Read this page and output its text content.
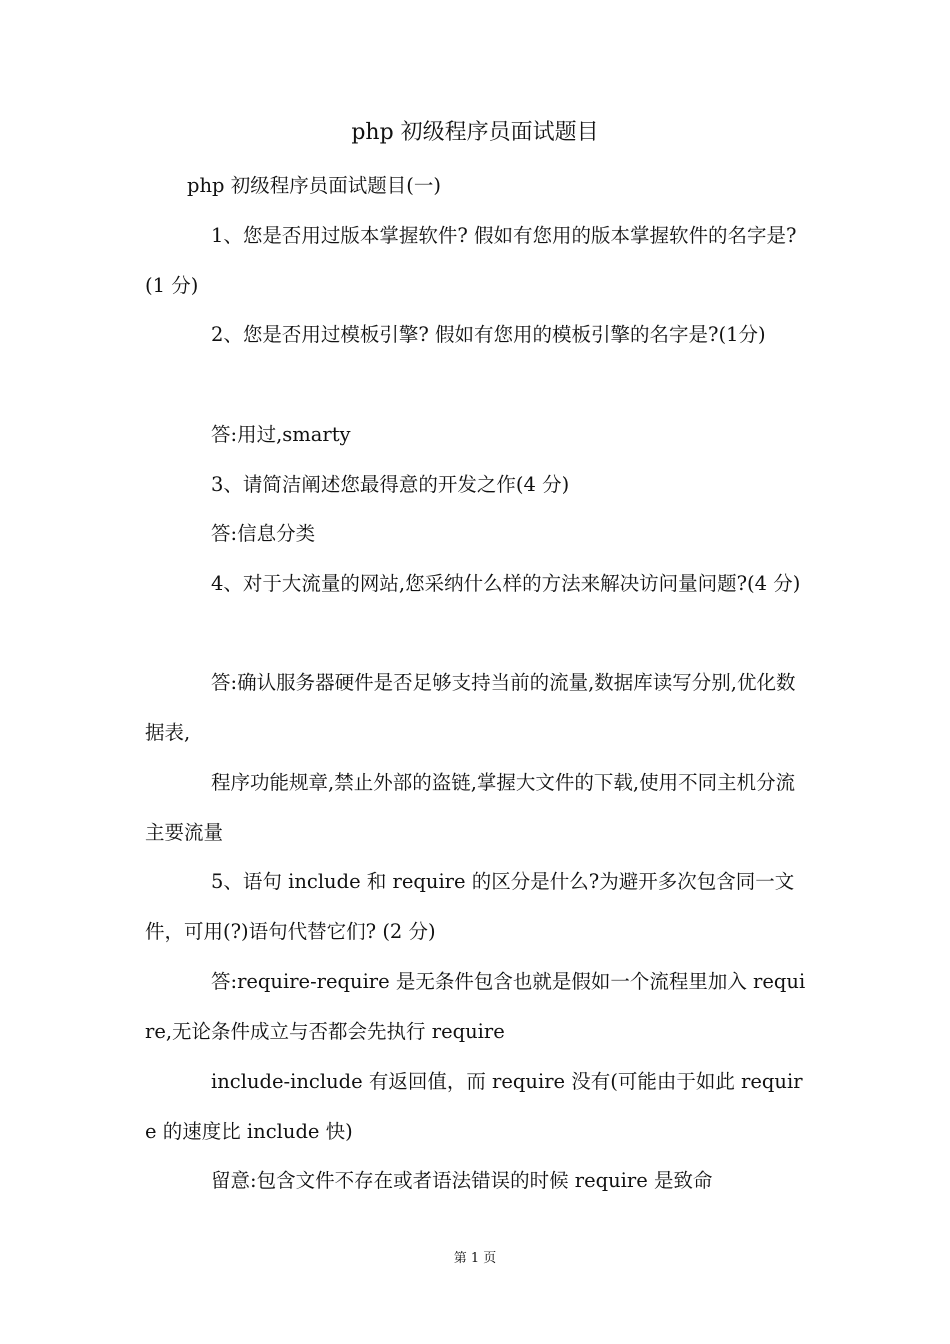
php 初级程序员面试题目

php 初级程序员面试题目(一)

1、您是否用过版本掌握软件? 假如有您用的版本掌握软件的名字是?(1 分)

2、您是否用过模板引擎? 假如有您用的模板引擎的名字是?(1分)

答:用过,smarty

3、请简洁阐述您最得意的开发之作(4 分)

答:信息分类

4、对于大流量的网站,您采纳什么样的方法来解决访问量问题?(4 分)

答:确认服务器硬件是否足够支持当前的流量,数据库读写分别,优化数据表,

程序功能规章,禁止外部的盗链,掌握大文件的下载,使用不同主机分流主要流量

5、语句 include 和 require 的区分是什么?为避开多次包含同一文件，可用(?)语句代替它们? (2 分)

答:require-require 是无条件包含也就是假如一个流程里加入 require,无论条件成立与否都会先执行 require

include-include 有返回值，而 require 没有(可能由于如此 require 的速度比 include 快)

留意:包含文件不存在或者语法错误的时候 require 是致命

第 1 页
